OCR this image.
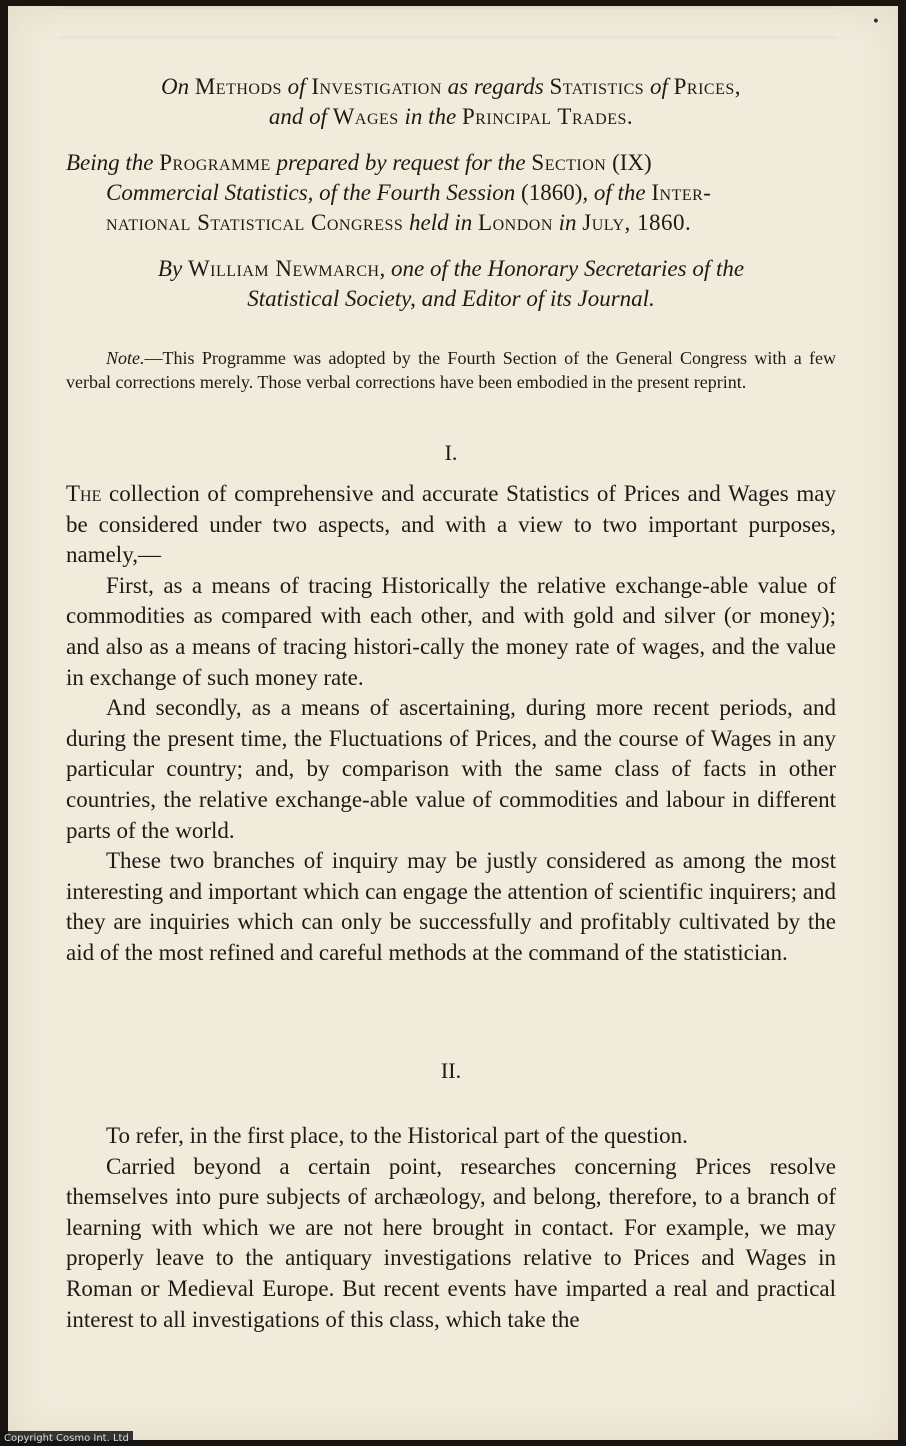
•
On Methods of Investigation as regards Statistics of Prices,
and of Wages in the Principal Trades.
Being the Programme prepared by request for the Section (IX)
Commercial Statistics, of the Fourth Session (1860), of the Inter-
national Statistical Congress held in London in July, 1860.
By William Newmarch, one of the Honorary Secretaries of the
Statistical Society, and Editor of its Journal.
Note.—This Programme was adopted by the Fourth Section of the General Congress with a few verbal corrections merely. Those verbal corrections have been embodied in the present reprint.
I.

The collection of comprehensive and accurate Statistics of Prices and Wages may be considered under two aspects, and with a view to two important purposes, namely,—

First, as a means of tracing Historically the relative exchange-able value of commodities as compared with each other, and with gold and silver (or money); and also as a means of tracing histori-cally the money rate of wages, and the value in exchange of such money rate.

And secondly, as a means of ascertaining, during more recent periods, and during the present time, the Fluctuations of Prices, and the course of Wages in any particular country; and, by comparison with the same class of facts in other countries, the relative exchange-able value of commodities and labour in different parts of the world.

These two branches of inquiry may be justly considered as among the most interesting and important which can engage the attention of scientific inquirers; and they are inquiries which can only be successfully and profitably cultivated by the aid of the most refined and careful methods at the command of the statistician.

II.

To refer, in the first place, to the Historical part of the question.

Carried beyond a certain point, researches concerning Prices resolve themselves into pure subjects of archæology, and belong, therefore, to a branch of learning with which we are not here brought in contact. For example, we may properly leave to the antiquary investigations relative to Prices and Wages in Roman or Medieval Europe. But recent events have imparted a real and practical interest to all investigations of this class, which take the

Copyright Cosmo Int. Ltd
